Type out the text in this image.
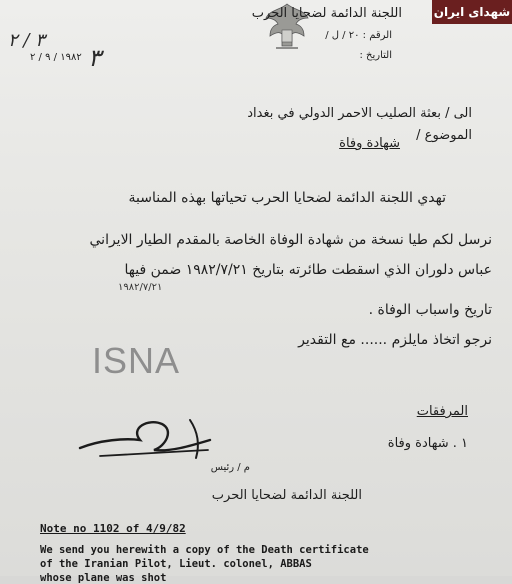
شهدای ایران
اللجنة الدائمة لضحايا الحرب
الرقم : ٢٠ / ل /
٣ / ٢
التاريخ :
١٩٨٢ / ٩ / ٢ ٣
الى / بعثة الصليب الاحمر الدولي في بغداد
الموضوع /
شهادة وفاة
تهدي اللجنة الدائمة لضحايا الحرب تحياتها بهذه المناسبة
نرسل لكم طيا نسخة من شهادة الوفاة الخاصة بالمقدم الطيار الايراني
عباس دلوران الذي اسقطت طائرته بتاريخ ١٩٨٢/٧/٢١ ضمن فيها
١٩٨٢/٧/٢١
تاريخ واسباب الوفاة .
نرجو اتخاذ مايلزم ...... مع التقدير
ISNA
المرفقات
١ . شهادة وفاة
م / رئيس
اللجنة الدائمة لضحايا الحرب
Note no 1102 of 4/9/82
We send you herewith a copy of the Death certificate
of the Iranian Pilot, Lieut. colonel, ABBAS
whose plane was shot
